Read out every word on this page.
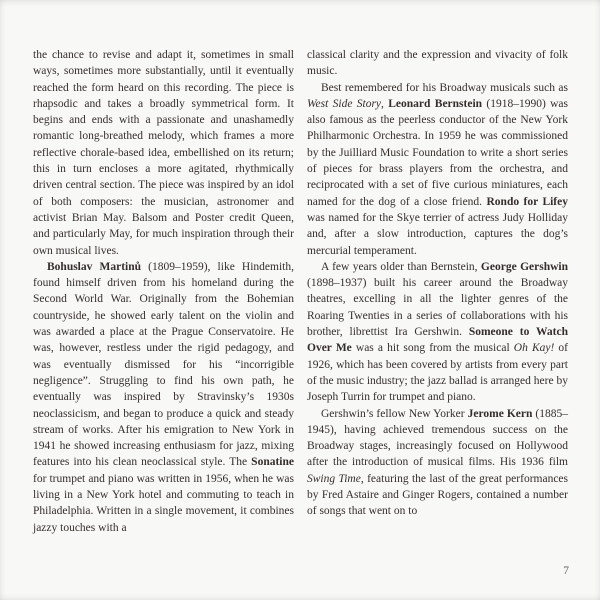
the chance to revise and adapt it, sometimes in small ways, sometimes more substantially, until it eventually reached the form heard on this recording. The piece is rhapsodic and takes a broadly symmetrical form. It begins and ends with a passionate and unashamedly romantic long-breathed melody, which frames a more reflective chorale-based idea, embellished on its return; this in turn encloses a more agitated, rhythmically driven central section. The piece was inspired by an idol of both composers: the musician, astronomer and activist Brian May. Balsom and Poster credit Queen, and particularly May, for much inspiration through their own musical lives.

Bohuslav Martinů (1809–1959), like Hindemith, found himself driven from his homeland during the Second World War. Originally from the Bohemian countryside, he showed early talent on the violin and was awarded a place at the Prague Conservatoire. He was, however, restless under the rigid pedagogy, and was eventually dismissed for his “incorrigible negligence”. Struggling to find his own path, he eventually was inspired by Stravinsky’s 1930s neoclassicism, and began to produce a quick and steady stream of works. After his emigration to New York in 1941 he showed increasing enthusiasm for jazz, mixing features into his clean neoclassical style. The Sonatine for trumpet and piano was written in 1956, when he was living in a New York hotel and commuting to teach in Philadelphia. Written in a single movement, it combines jazzy touches with a

classical clarity and the expression and vivacity of folk music.

Best remembered for his Broadway musicals such as West Side Story, Leonard Bernstein (1918–1990) was also famous as the peerless conductor of the New York Philharmonic Orchestra. In 1959 he was commissioned by the Juilliard Music Foundation to write a short series of pieces for brass players from the orchestra, and reciprocated with a set of five curious miniatures, each named for the dog of a close friend. Rondo for Lifey was named for the Skye terrier of actress Judy Holliday and, after a slow introduction, captures the dog’s mercurial temperament.

A few years older than Bernstein, George Gershwin (1898–1937) built his career around the Broadway theatres, excelling in all the lighter genres of the Roaring Twenties in a series of collaborations with his brother, librettist Ira Gershwin. Someone to Watch Over Me was a hit song from the musical Oh Kay! of 1926, which has been covered by artists from every part of the music industry; the jazz ballad is arranged here by Joseph Turrin for trumpet and piano.

Gershwin’s fellow New Yorker Jerome Kern (1885–1945), having achieved tremendous success on the Broadway stages, increasingly focused on Hollywood after the introduction of musical films. His 1936 film Swing Time, featuring the last of the great performances by Fred Astaire and Ginger Rogers, contained a number of songs that went on to

7
